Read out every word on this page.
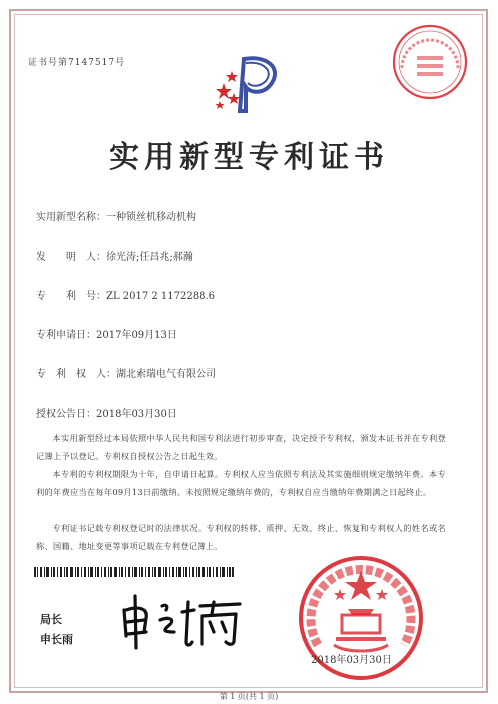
证书号第7147517号
实用新型专利证书
实用新型名称：一种锁丝机移动机构
发　　明　人：徐光涛;任昌兆;郝瀚
专　　利　号：ZL 2017 2 1172288.6
专利申请日：2017年09月13日
专　利　权　人：湖北索瑞电气有限公司
授权公告日：2018年03月30日
本实用新型经过本局依照中华人民共和国专利法进行初步审查，决定授予专利权，颁发本证书并在专利登记簿上予以登记。专利权自授权公告之日起生效。
本专利的专利权期限为十年，自申请日起算。专利权人应当依照专利法及其实施细则规定缴纳年费。本专利的年费应当在每年09月13日前缴纳。未按照规定缴纳年费的，专利权自应当缴纳年费期满之日起终止。
专利证书记载专利权登记时的法律状况。专利权的转移、质押、无效、终止、恢复和专利权人的姓名或名称、国籍、地址变更等事项记载在专利登记簿上。
局长
申长雨
2018年03月30日
第 1 页(共 1 页)
